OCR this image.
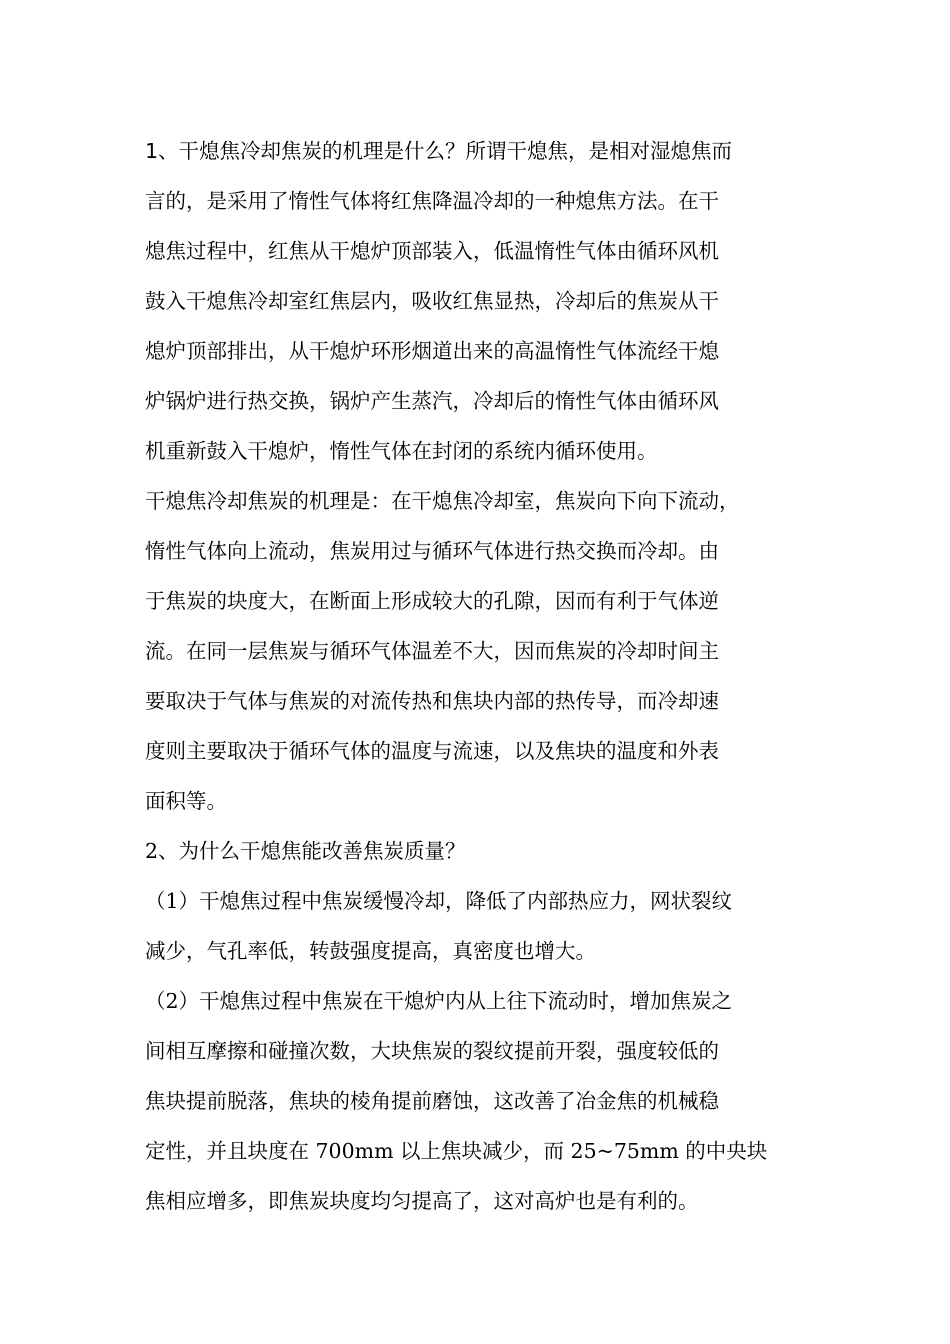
1、干熄焦冷却焦炭的机理是什么？所谓干熄焦，是相对湿熄焦而
言的，是采用了惰性气体将红焦降温冷却的一种熄焦方法。在干
熄焦过程中，红焦从干熄炉顶部装入，低温惰性气体由循环风机
鼓入干熄焦冷却室红焦层内，吸收红焦显热，冷却后的焦炭从干
熄炉顶部排出，从干熄炉环形烟道出来的高温惰性气体流经干熄
炉锅炉进行热交换，锅炉产生蒸汽，冷却后的惰性气体由循环风
机重新鼓入干熄炉，惰性气体在封闭的系统内循环使用。
干熄焦冷却焦炭的机理是：在干熄焦冷却室，焦炭向下向下流动，
惰性气体向上流动，焦炭用过与循环气体进行热交换而冷却。由
于焦炭的块度大，在断面上形成较大的孔隙，因而有利于气体逆
流。在同一层焦炭与循环气体温差不大，因而焦炭的冷却时间主
要取决于气体与焦炭的对流传热和焦块内部的热传导，而冷却速
度则主要取决于循环气体的温度与流速，以及焦块的温度和外表
面积等。
2、为什么干熄焦能改善焦炭质量？
（1）干熄焦过程中焦炭缓慢冷却，降低了内部热应力，网状裂纹
减少，气孔率低，转鼓强度提高，真密度也增大。
（2）干熄焦过程中焦炭在干熄炉内从上往下流动时，增加焦炭之
间相互摩擦和碰撞次数，大块焦炭的裂纹提前开裂，强度较低的
焦块提前脱落，焦块的棱角提前磨蚀，这改善了冶金焦的机械稳
定性，并且块度在 700mm 以上焦块减少，而 25~75mm 的中央块
焦相应增多，即焦炭块度均匀提高了，这对高炉也是有利的。
